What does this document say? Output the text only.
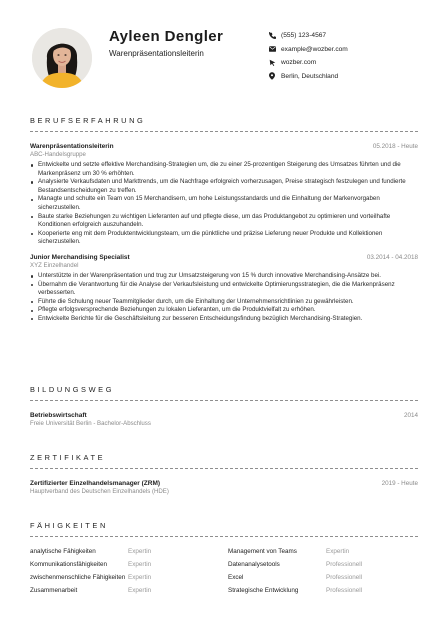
Ayleen Dengler
Warenpräsentationsleiterin
(555) 123-4567
example@wozber.com
wozber.com
Berlin, Deutschland
BERUFSERFAHRUNG
Warenpräsentationsleiterin	05.2018 - Heute
ABC-Handelsgruppe
Entwickelte und setzte effektive Merchandising-Strategien um, die zu einer 25-prozentigen Steigerung des Umsatzes führten und die Markenpräsenz um 30 % erhöhten.
Analysierte Verkaufsdaten und Markttrends, um die Nachfrage erfolgreich vorherzusagen, Preise strategisch festzulegen und fundierte Bestandsentscheidungen zu treffen.
Managte und schulte ein Team von 15 Merchandisern, um hohe Leistungsstandards und die Einhaltung der Markenvorgaben sicherzustellen.
Baute starke Beziehungen zu wichtigen Lieferanten auf und pflegte diese, um das Produktangebot zu optimieren und vorteilhafte Konditionen erfolgreich auszuhandeln.
Kooperierte eng mit dem Produktentwicklungsteam, um die pünktliche und präzise Lieferung neuer Produkte und Kollektionen sicherzustellen.
Junior Merchandising Specialist	03.2014 - 04.2018
XYZ Einzelhandel
Unterstützte in der Warenpräsentation und trug zur Umsatzsteigerung von 15 % durch innovative Merchandising-Ansätze bei.
Übernahm die Verantwortung für die Analyse der Verkaufsleistung und entwickelte Optimierungsstrategien, die die Markenpräsenz verbesserten.
Führte die Schulung neuer Teammitglieder durch, um die Einhaltung der Unternehmensrichtlinien zu gewährleisten.
Pflegte erfolgsversprechende Beziehungen zu lokalen Lieferanten, um die Produktvielfalt zu erhöhen.
Entwickelte Berichte für die Geschäftsleitung zur besseren Entscheidungsfindung bezüglich Merchandising-Strategien.
BILDUNGSWEG
Betriebswirtschaft	2014
Freie Universität Berlin - Bachelor-Abschluss
ZERTIFIKATE
Zertifizierter Einzelhandelsmanager (ZRM)	2019 - Heute
Hauptverband des Deutschen Einzelhandels (HDE)
FÄHIGKEITEN
analytische Fähigkeiten	Expertin	Management von Teams	Expertin
Kommunikationsfähigkeiten	Expertin	Datenanalysetools	Professionell
zwischenmenschliche Fähigkeiten Expertin	Excel	Professionell
Zusammenarbeit	Expertin	Strategische Entwicklung	Professionell
